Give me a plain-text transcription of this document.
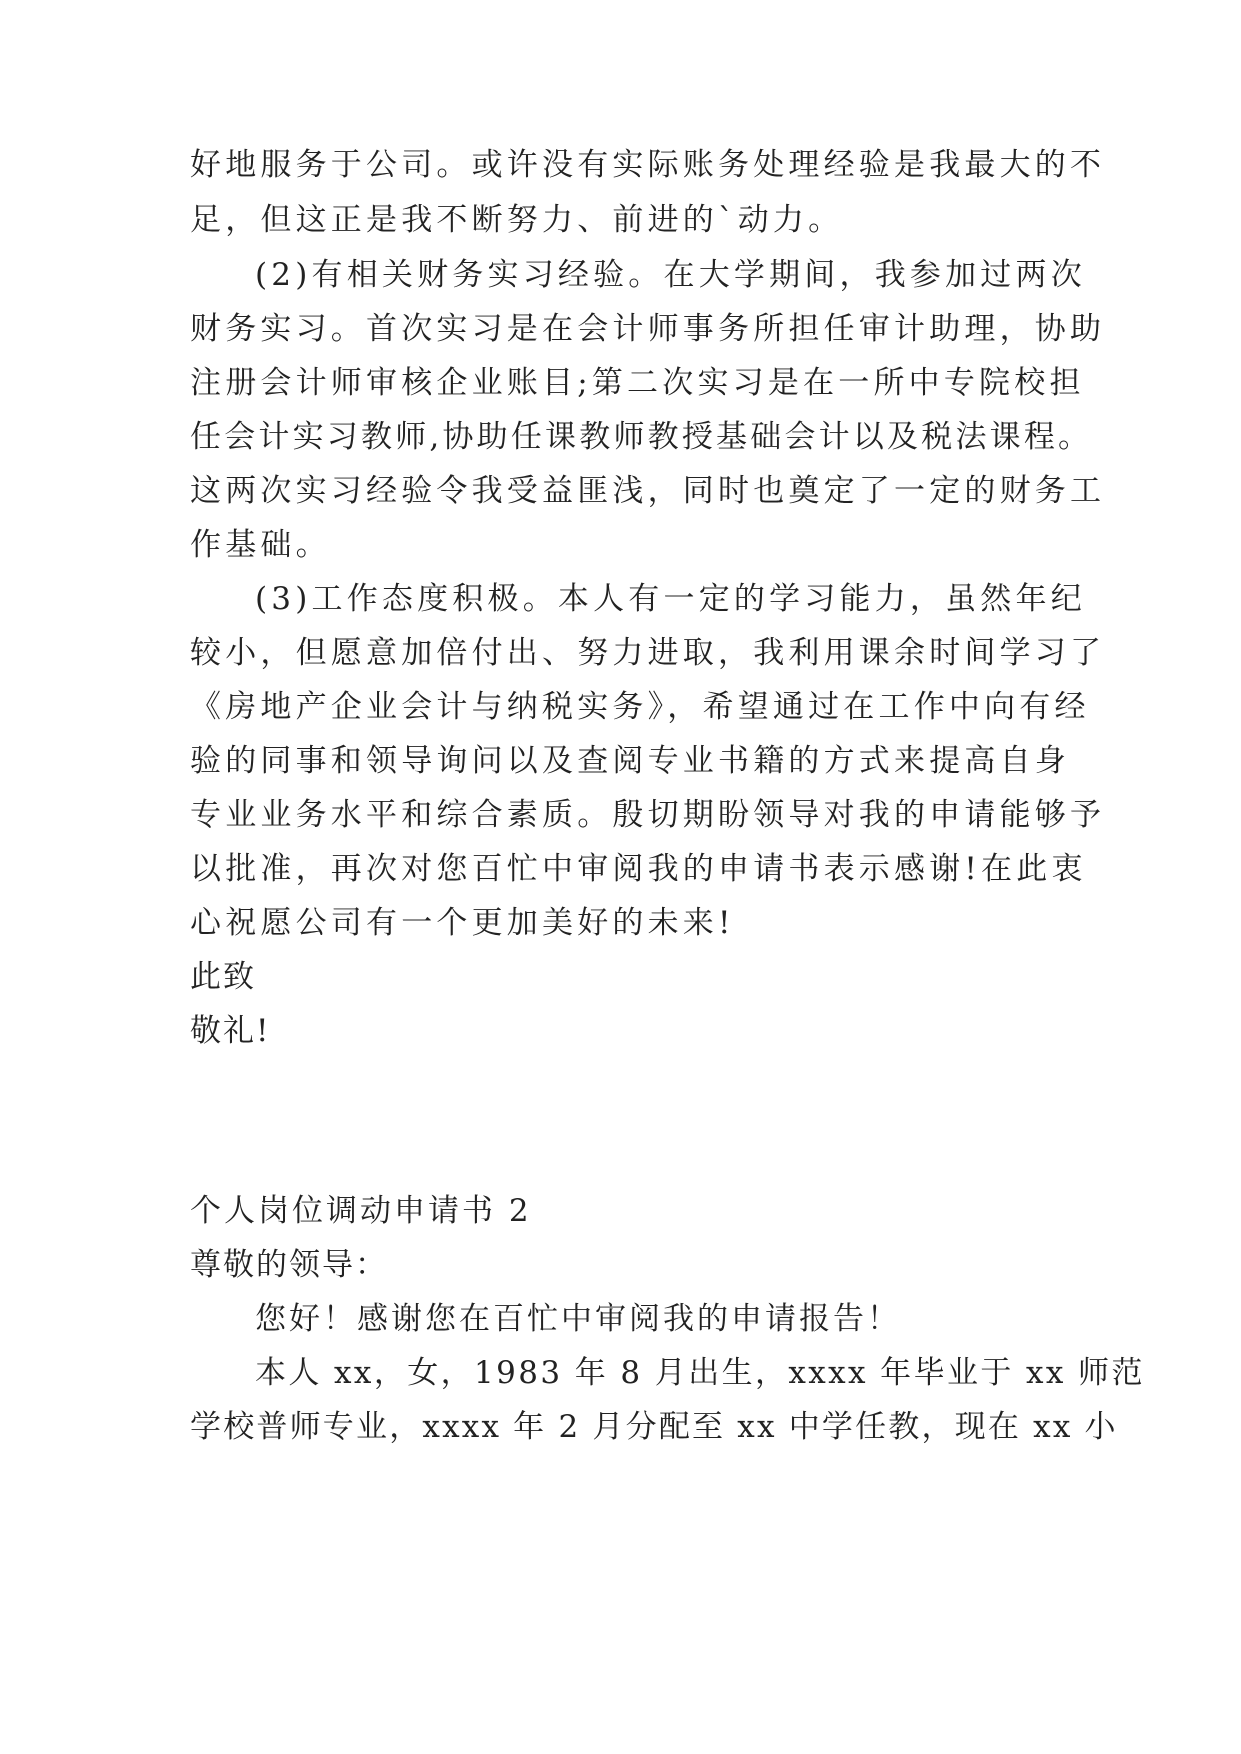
好地服务于公司。或许没有实际账务处理经验是我最大的不
足，但这正是我不断努力、前进的`动力。
(2)有相关财务实习经验。在大学期间，我参加过两次
财务实习。首次实习是在会计师事务所担任审计助理，协助
注册会计师审核企业账目;第二次实习是在一所中专院校担
任会计实习教师,协助任课教师教授基础会计以及税法课程。
这两次实习经验令我受益匪浅，同时也奠定了一定的财务工
作基础。
(3)工作态度积极。本人有一定的学习能力，虽然年纪
较小，但愿意加倍付出、努力进取，我利用课余时间学习了
《房地产企业会计与纳税实务》，希望通过在工作中向有经
验的同事和领导询问以及查阅专业书籍的方式来提高自身
专业业务水平和综合素质。殷切期盼领导对我的申请能够予
以批准，再次对您百忙中审阅我的申请书表示感谢!在此衷
心祝愿公司有一个更加美好的未来!
此致
敬礼!
个人岗位调动申请书 2
尊敬的领导：
您好！感谢您在百忙中审阅我的申请报告！
本人 xx，女，1983 年 8 月出生，xxxx 年毕业于 xx 师范
学校普师专业，xxxx 年 2 月分配至 xx 中学任教，现在 xx 小
